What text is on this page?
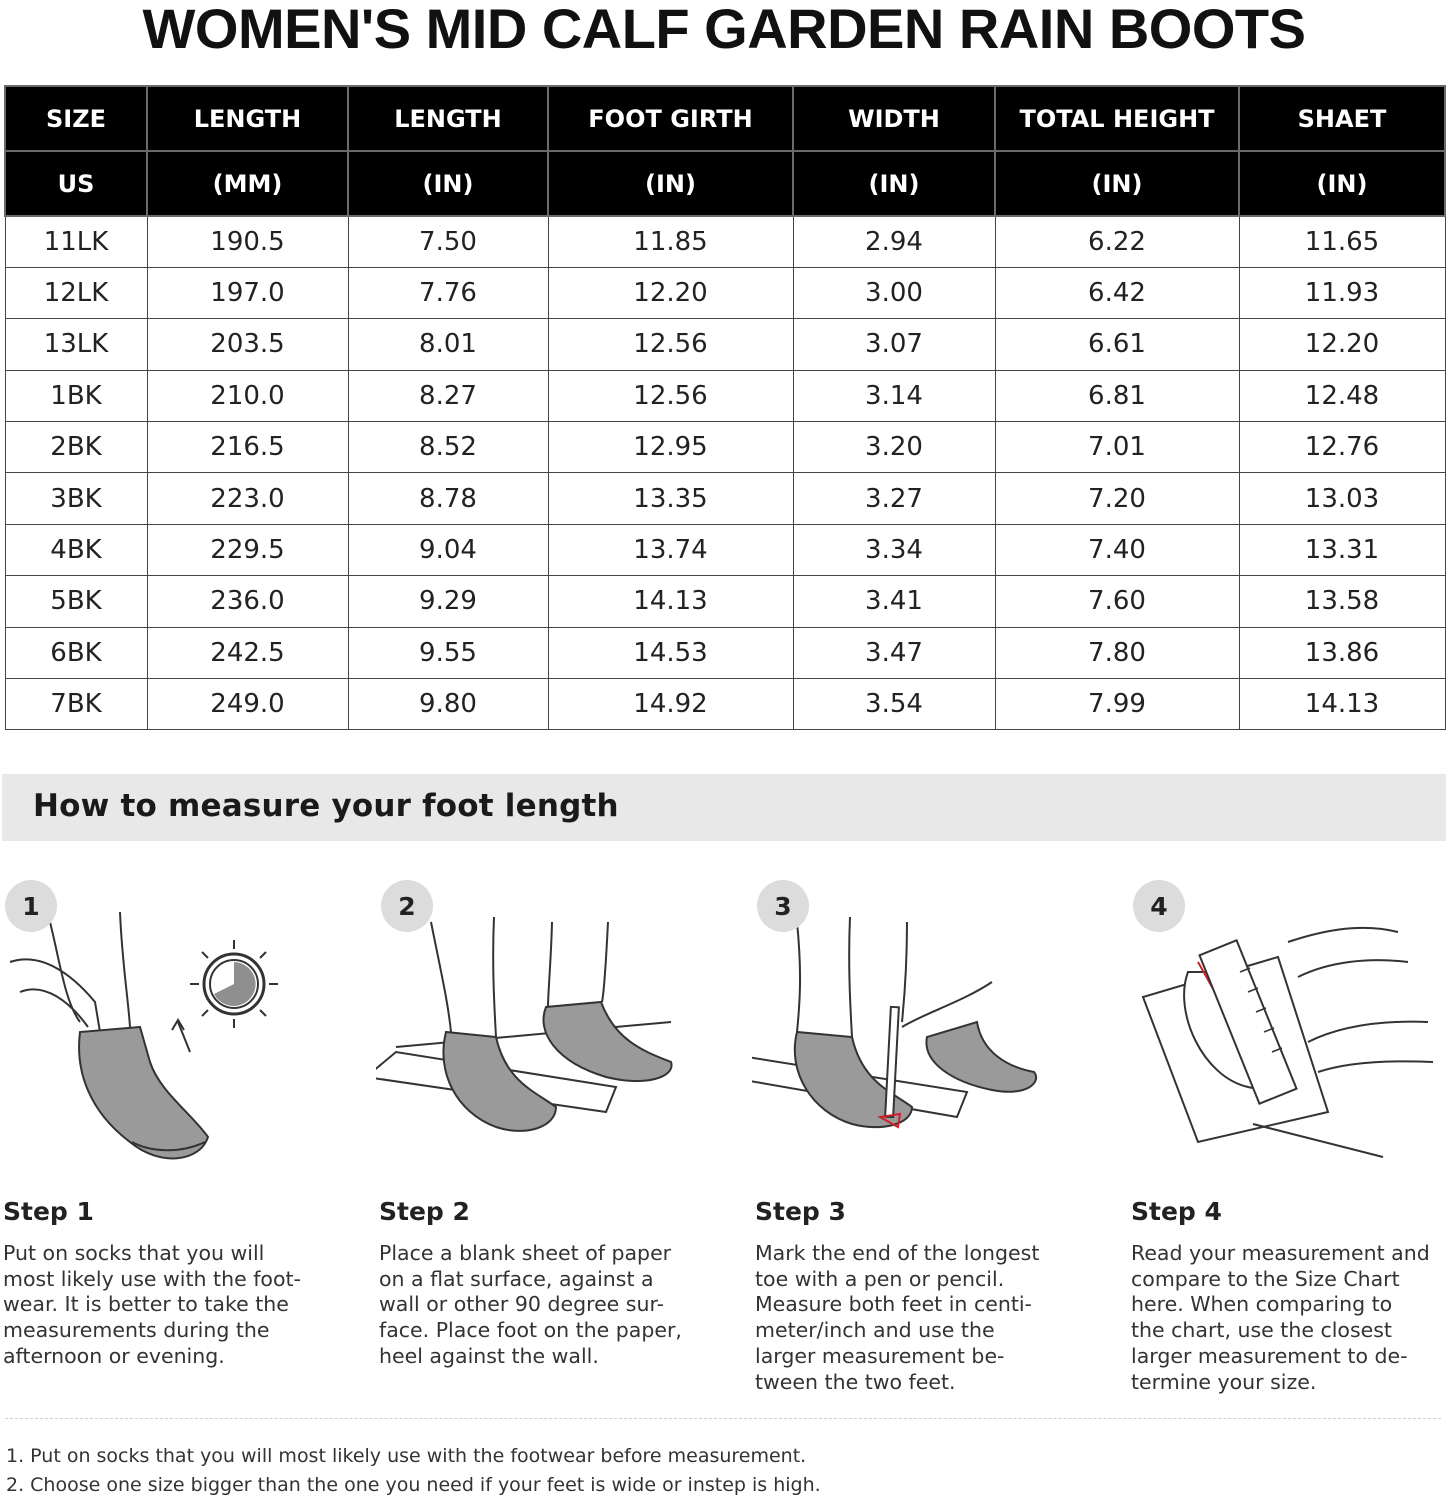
WOMEN'S MID CALF GARDEN RAIN BOOTS
SIZE	LENGTH	LENGTH	FOOT GIRTH	WIDTH	TOTAL HEIGHT	SHAET
US	(MM)	(IN)	(IN)	(IN)	(IN)	(IN)
11LK	190.5	7.50	11.85	2.94	6.22	11.65
12LK	197.0	7.76	12.20	3.00	6.42	11.93
13LK	203.5	8.01	12.56	3.07	6.61	12.20
1BK	210.0	8.27	12.56	3.14	6.81	12.48
2BK	216.5	8.52	12.95	3.20	7.01	12.76
3BK	223.0	8.78	13.35	3.27	7.20	13.03
4BK	229.5	9.04	13.74	3.34	7.40	13.31
5BK	236.0	9.29	14.13	3.41	7.60	13.58
6BK	242.5	9.55	14.53	3.47	7.80	13.86
7BK	249.0	9.80	14.92	3.54	7.99	14.13
How to measure your foot length
1
Step 1
Put on socks that you will
most likely use with the foot-
wear. It is better to take the
measurements during the
afternoon or evening.
2
Step 2
Place a blank sheet of paper
on a flat surface, against a
wall or other 90 degree sur-
face. Place foot on the paper,
heel against the wall.
3
Step 3
Mark the end of the longest
toe with a pen or pencil.
Measure both feet in centi-
meter/inch and use the
larger measurement be-
tween the two feet.
4
Step 4
Read your measurement and
compare to the Size Chart
here. When comparing to
the chart, use the closest
larger measurement to de-
termine your size.
1. Put on socks that you will most likely use with the footwear before measurement.
2. Choose one size bigger than the one you need if your feet is wide or instep is high.
